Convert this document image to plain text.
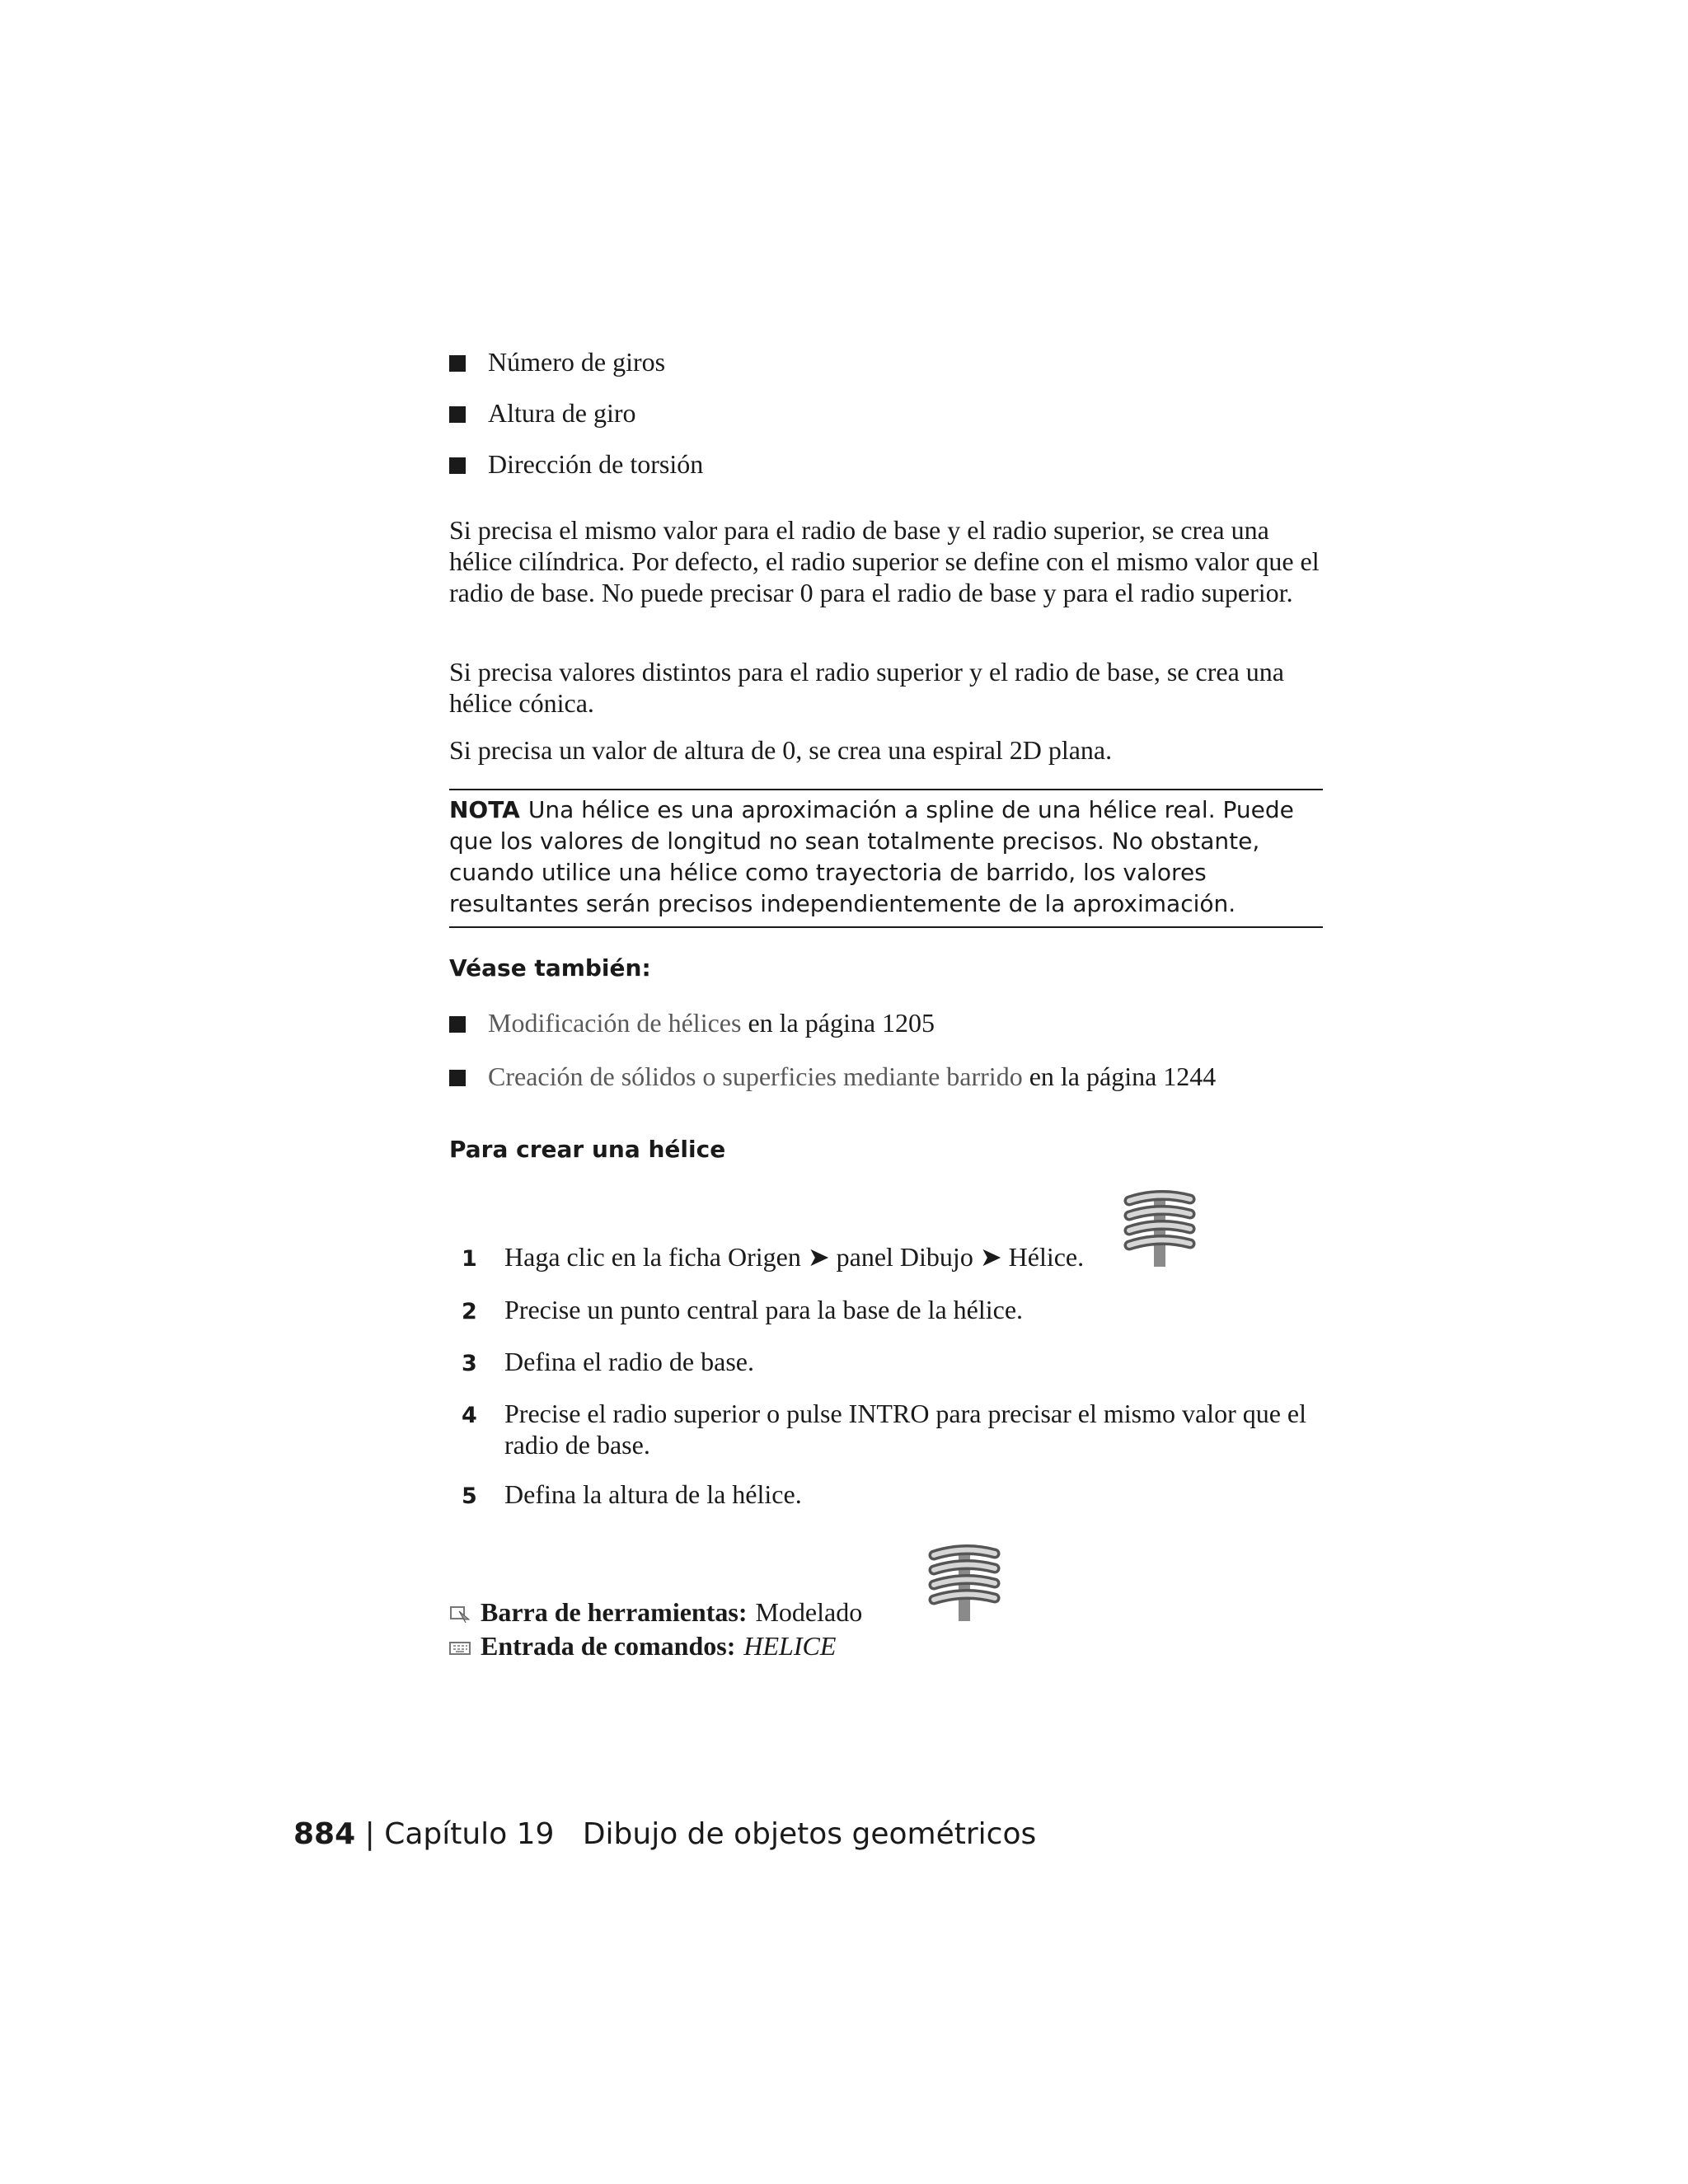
Número de giros
Altura de giro
Dirección de torsión

Si precisa el mismo valor para el radio de base y el radio superior, se crea una hélice cilíndrica. Por defecto, el radio superior se define con el mismo valor que el radio de base. No puede precisar 0 para el radio de base y para el radio superior.

Si precisa valores distintos para el radio superior y el radio de base, se crea una hélice cónica.

Si precisa un valor de altura de 0, se crea una espiral 2D plana.

NOTA Una hélice es una aproximación a spline de una hélice real. Puede que los valores de longitud no sean totalmente precisos. No obstante, cuando utilice una hélice como trayectoria de barrido, los valores resultantes serán precisos independientemente de la aproximación.

Véase también:

Modificación de hélices
en la página 1205
Creación de sólidos o superficies mediante barrido
en la página 1244

Para crear una hélice

1	Haga clic en la ficha Origen ➤ panel Dibujo ➤ Hélice.
2	Precise un punto central para la base de la hélice.
3	Defina el radio de base.
4	Precise el radio superior o pulse INTRO para precisar el mismo valor que el radio de base.
5	Defina la altura de la hélice.
Barra de herramientas: Modelado
Entrada de comandos: HELICE
884 | Capítulo 19 Dibujo de objetos geométricos
